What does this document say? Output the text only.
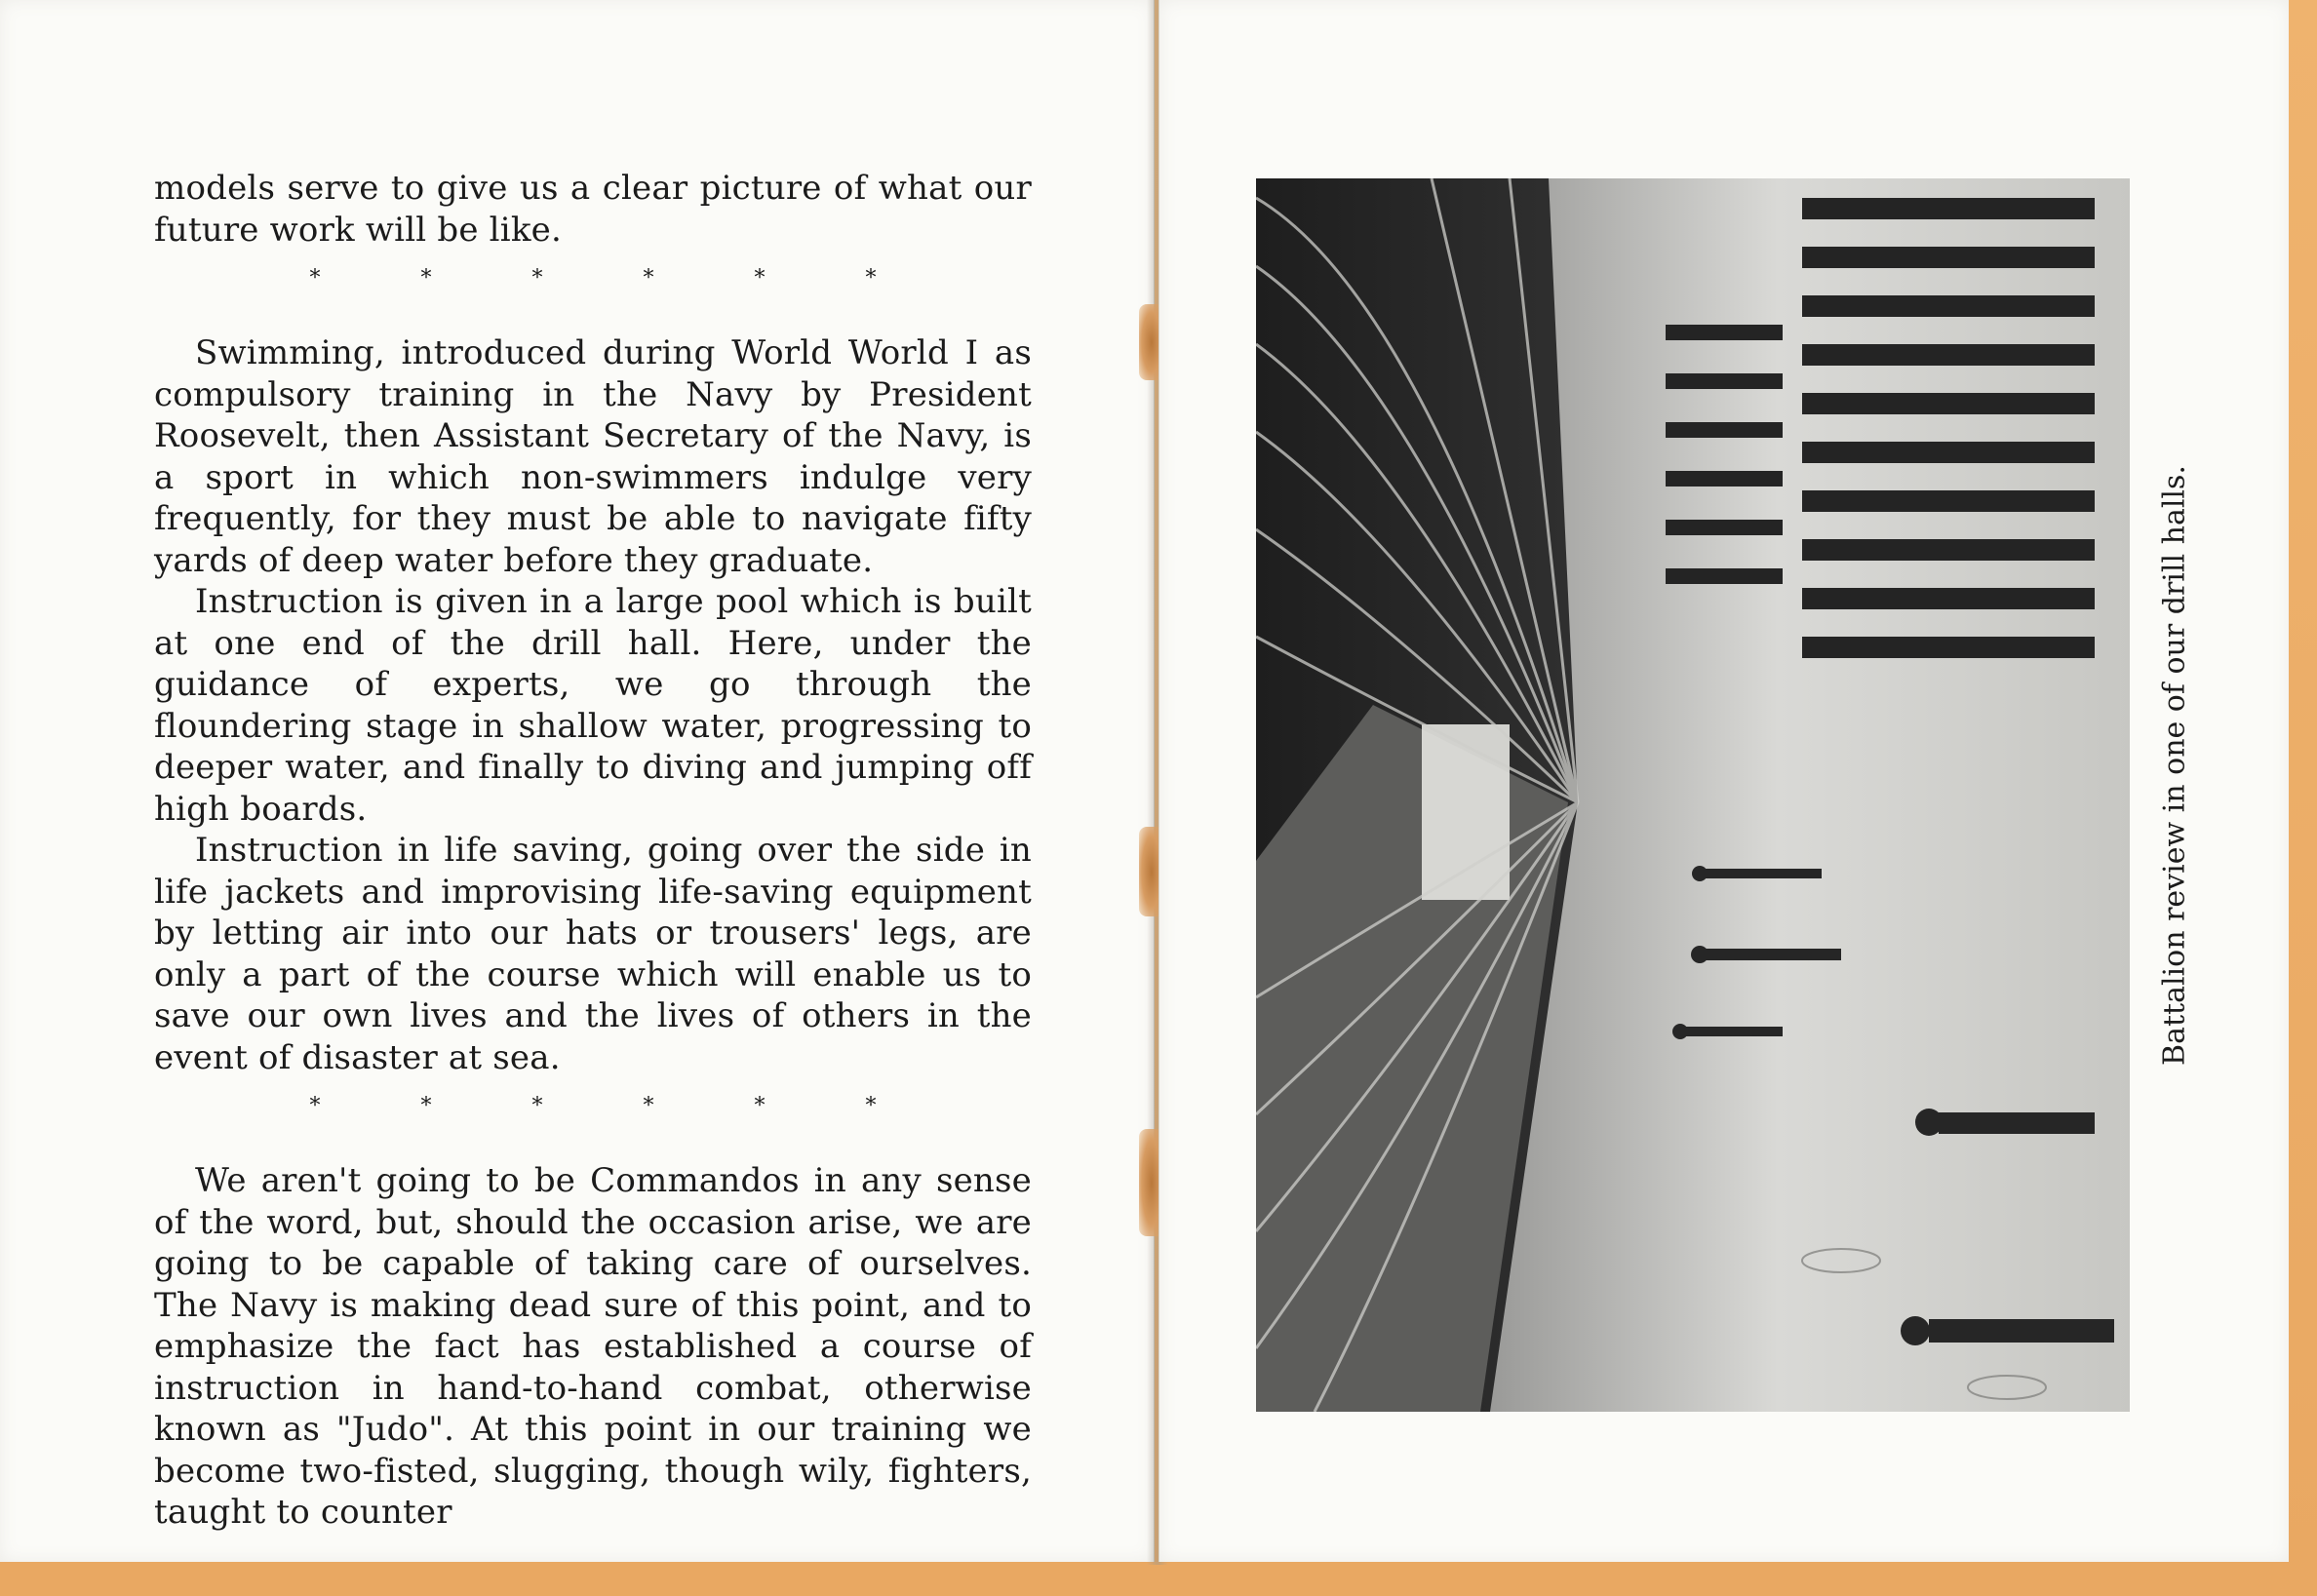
models serve to give us a clear picture of what our future work will be like.

* * * * * *

Swimming, introduced during World World I as compulsory training in the Navy by President Roosevelt, then Assistant Secretary of the Navy, is a sport in which non-swimmers indulge very frequently, for they must be able to navigate fifty yards of deep water before they graduate.

Instruction is given in a large pool which is built at one end of the drill hall. Here, under the guidance of experts, we go through the floundering stage in shallow water, progressing to deeper water, and finally to diving and jumping off high boards.

Instruction in life saving, going over the side in life jackets and improvising life-saving equipment by letting air into our hats or trousers' legs, are only a part of the course which will enable us to save our own lives and the lives of others in the event of disaster at sea.

* * * * * *

We aren't going to be Commandos in any sense of the word, but, should the occasion arise, we are going to be capable of taking care of ourselves. The Navy is making dead sure of this point, and to emphasize the fact has established a course of instruction in hand-to-hand combat, otherwise known as "Judo". At this point in our training we become two-fisted, slugging, though wily, fighters, taught to counter

Battalion review in one of our drill halls.
